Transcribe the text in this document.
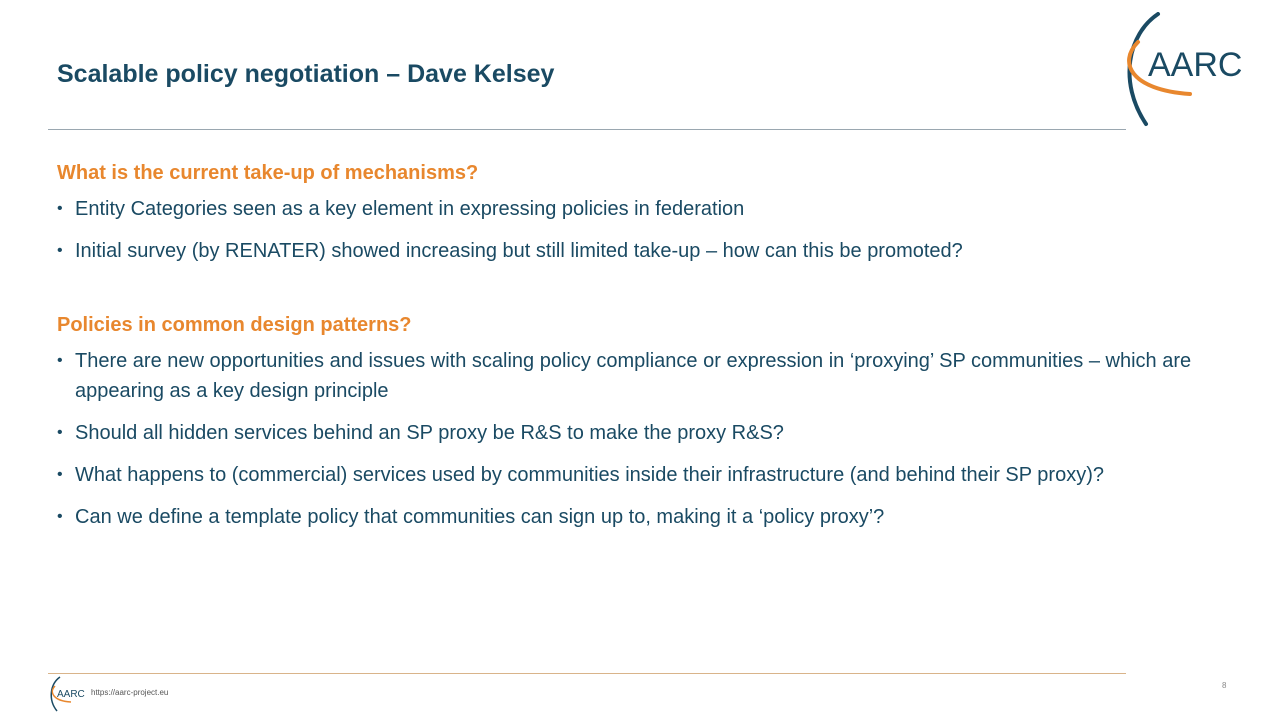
Scalable policy negotiation – Dave Kelsey	AARC

What is the current take-up of mechanisms?

• Entity Categories seen as a key element in expressing policies in federation
• Initial survey (by RENATER) showed increasing but still limited take-up – how can this be promoted?

Policies in common design patterns?

• There are new opportunities and issues with scaling policy compliance or expression in ‘proxying’ SP communities – which are appearing as a key design principle
• Should all hidden services behind an SP proxy be R&S to make the proxy R&S?
• What happens to (commercial) services used by communities inside their infrastructure (and behind their SP proxy)?
• Can we define a template policy that communities can sign up to, making it a ‘policy proxy’?
AARC https://aarc-project.eu
8
